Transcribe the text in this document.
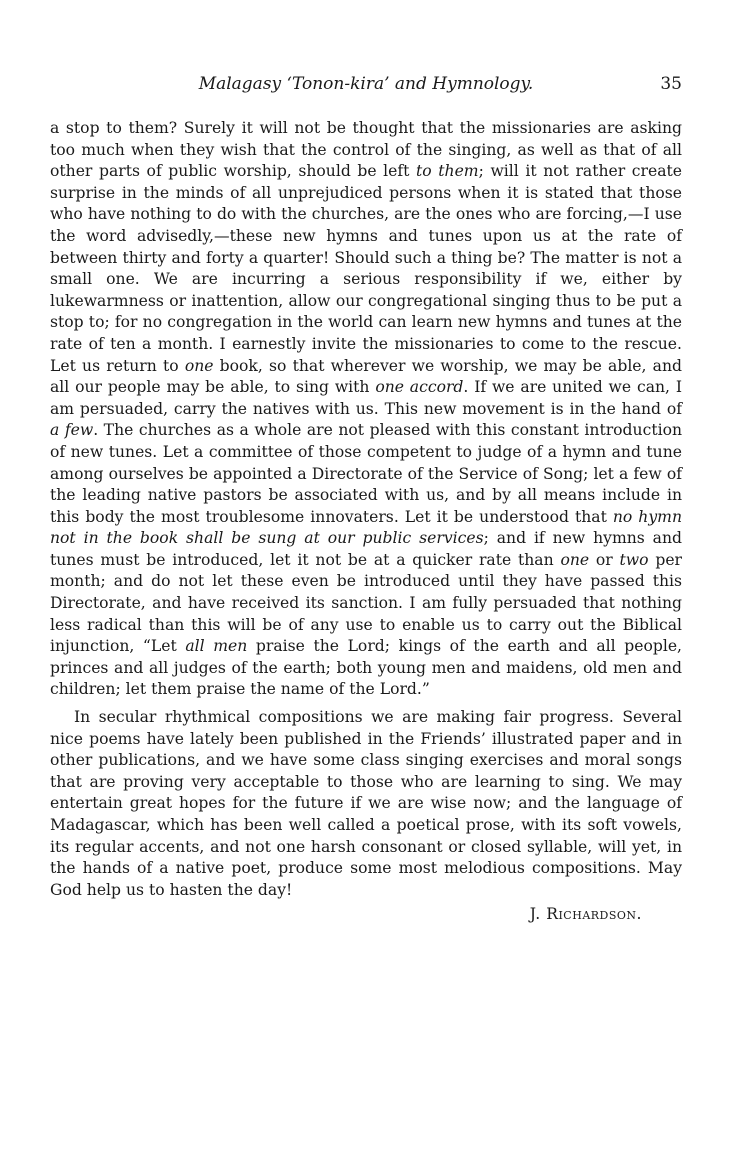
Malagasy ‘Tonon-kira’ and Hymnology.	35

a stop to them? Surely it will not be thought that the missionaries are asking too much when they wish that the control of the singing, as well as that of all other parts of public worship, should be left to them; will it not rather create surprise in the minds of all unprejudiced persons when it is stated that those who have nothing to do with the churches, are the ones who are forcing,—I use the word advisedly,—these new hymns and tunes upon us at the rate of between thirty and forty a quarter! Should such a thing be? The matter is not a small one. We are incurring a serious responsibility if we, either by lukewarmness or inattention, allow our congregational singing thus to be put a stop to; for no congregation in the world can learn new hymns and tunes at the rate of ten a month. I earnestly invite the missionaries to come to the rescue. Let us return to one book, so that wherever we worship, we may be able, and all our people may be able, to sing with one accord. If we are united we can, I am persuaded, carry the natives with us. This new movement is in the hand of a few. The churches as a whole are not pleased with this constant introduction of new tunes. Let a committee of those competent to judge of a hymn and tune among ourselves be appointed a Directorate of the Service of Song; let a few of the leading native pastors be associated with us, and by all means include in this body the most troublesome innovaters. Let it be understood that no hymn not in the book shall be sung at our public services; and if new hymns and tunes must be introduced, let it not be at a quicker rate than one or two per month; and do not let these even be introduced until they have passed this Directorate, and have received its sanction. I am fully persuaded that nothing less radical than this will be of any use to enable us to carry out the Biblical injunction, “Let all men praise the Lord; kings of the earth and all people, princes and all judges of the earth; both young men and maidens, old men and children; let them praise the name of the Lord.”

In secular rhythmical compositions we are making fair progress. Several nice poems have lately been published in the Friends’ illustrated paper and in other publications, and we have some class singing exercises and moral songs that are proving very acceptable to those who are learning to sing. We may entertain great hopes for the future if we are wise now; and the language of Madagascar, which has been well called a poetical prose, with its soft vowels, its regular accents, and not one harsh consonant or closed syllable, will yet, in the hands of a native poet, produce some most melodious compositions. May God help us to hasten the day!

J. Richardson.
